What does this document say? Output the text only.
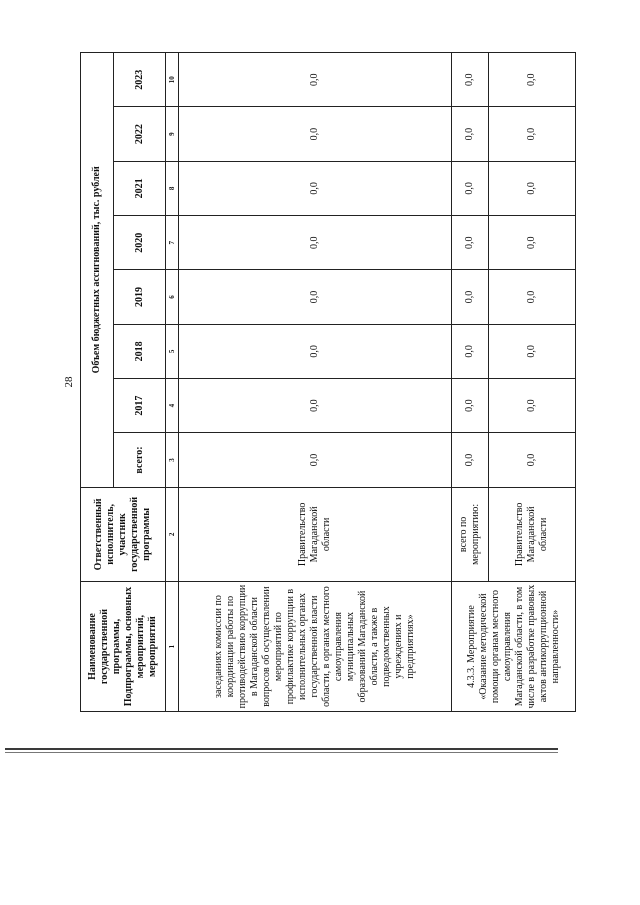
28
Наименование государственной программы, Подпрограммы, основных мероприятий, мероприятий	Ответственный исполнитель, участник государственной программы	Объем бюджетных ассигнований, тыс. рублей							
		всего:	2017	2018	2019	2020	2021	2022	2023
1	2	3	4	5	6	7	8	9	10
заседаниях комиссии по координации работы по противодействию коррупции в Магаданской области вопросов об осуществлении мероприятий по профилактике коррупции в исполнительных органах государственной власти области, в органах местного самоуправления муниципальных образований Магаданской области, а также в подведомственных учреждениях и предприятиях»	Правительство Магаданской области	0,0	0,0	0,0	0,0	0,0	0,0	0,0	0,0
4.3.3. Мероприятие «Оказание методической помощи органам местного самоуправления Магаданской области, в том числе в разработке правовых актов антикоррупционной направленности»	всего по мероприятию:	0,0	0,0	0,0	0,0	0,0	0,0	0,0	0,0
	Правительство Магаданской области	0,0	0,0	0,0	0,0	0,0	0,0	0,0	0,0
